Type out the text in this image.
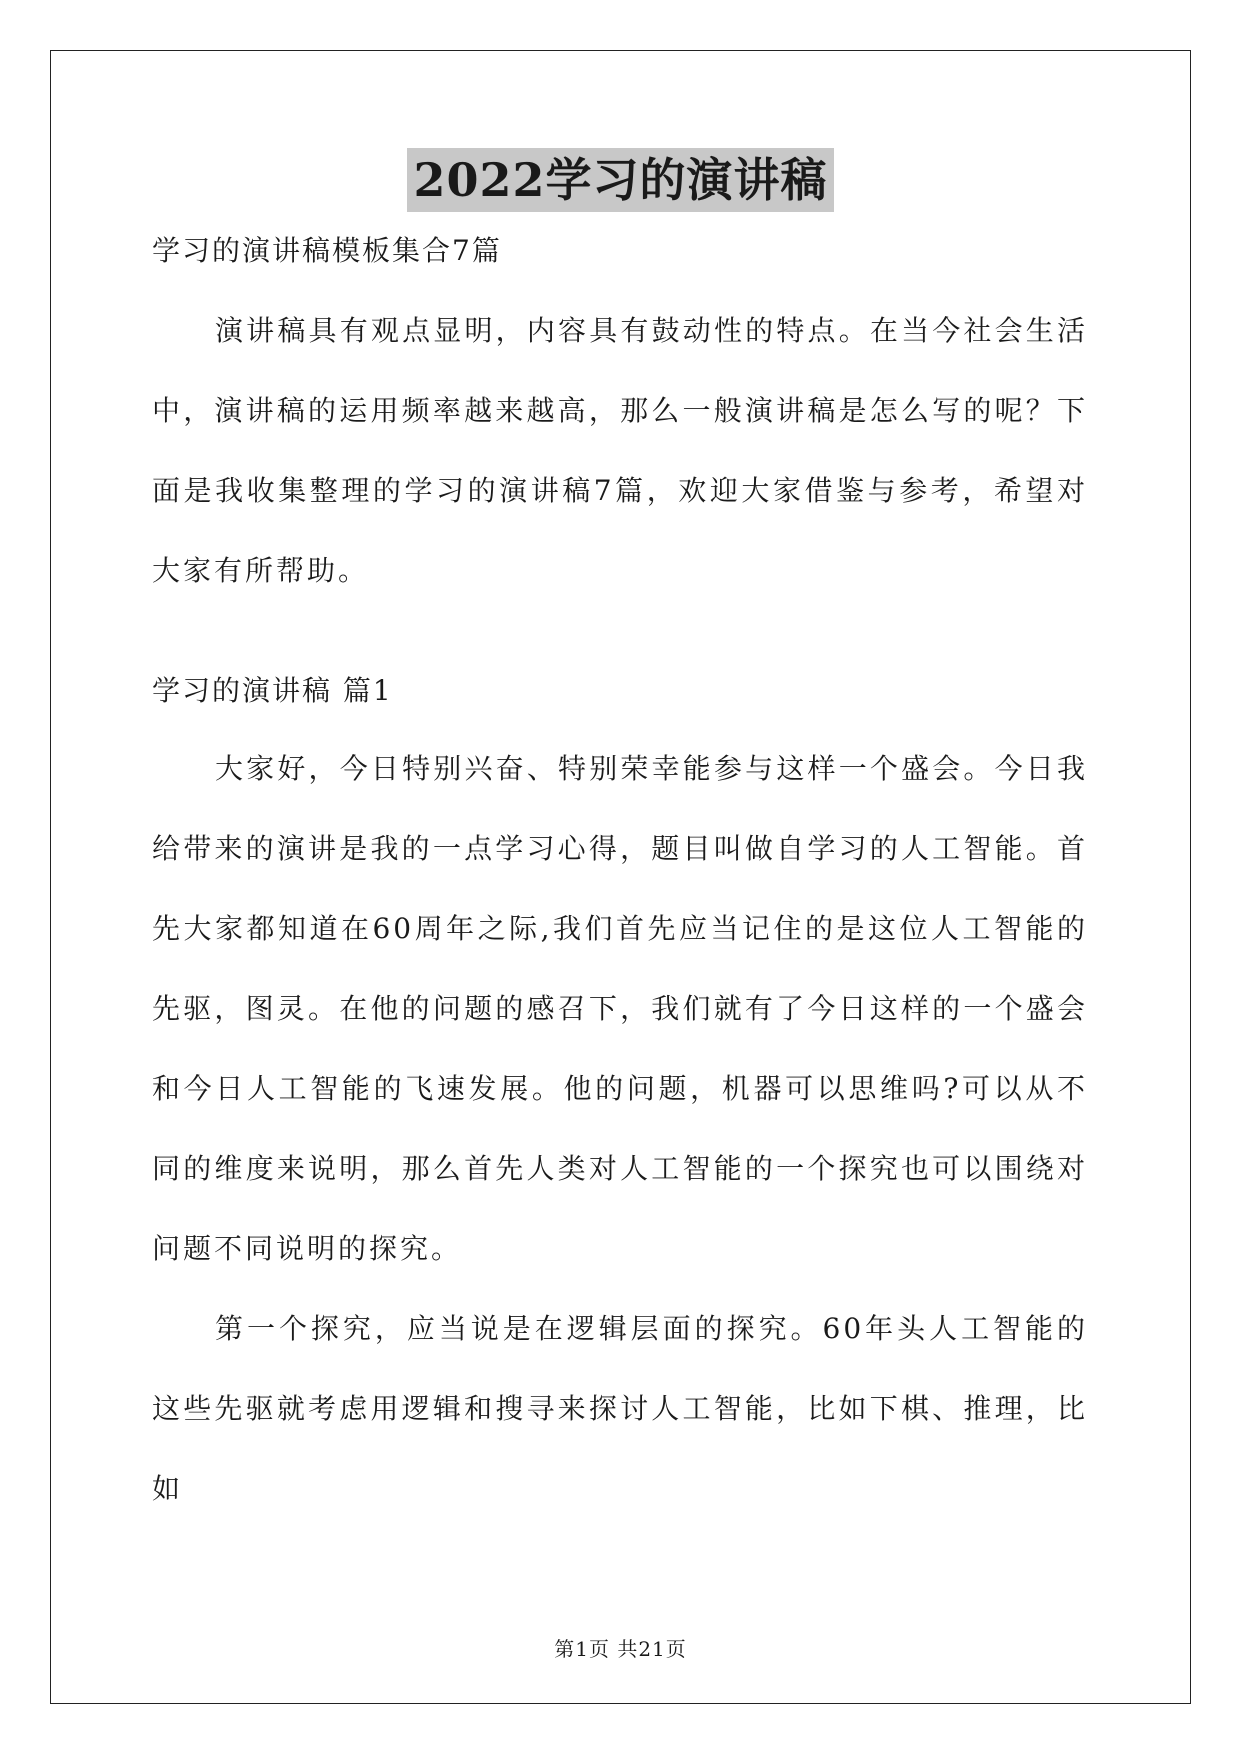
2022学习的演讲稿

学习的演讲稿模板集合7篇

演讲稿具有观点显明，内容具有鼓动性的特点。在当今社会生活中，演讲稿的运用频率越来越高，那么一般演讲稿是怎么写的呢？下面是我收集整理的学习的演讲稿7篇，欢迎大家借鉴与参考，希望对大家有所帮助。

学习的演讲稿 篇1

大家好，今日特别兴奋、特别荣幸能参与这样一个盛会。今日我给带来的演讲是我的一点学习心得，题目叫做自学习的人工智能。首先大家都知道在60周年之际,我们首先应当记住的是这位人工智能的先驱，图灵。在他的问题的感召下，我们就有了今日这样的一个盛会和今日人工智能的飞速发展。他的问题，机器可以思维吗?可以从不同的维度来说明，那么首先人类对人工智能的一个探究也可以围绕对问题不同说明的探究。

第一个探究，应当说是在逻辑层面的探究。60年头人工智能的这些先驱就考虑用逻辑和搜寻来探讨人工智能，比如下棋、推理，比如

第1页 共21页
